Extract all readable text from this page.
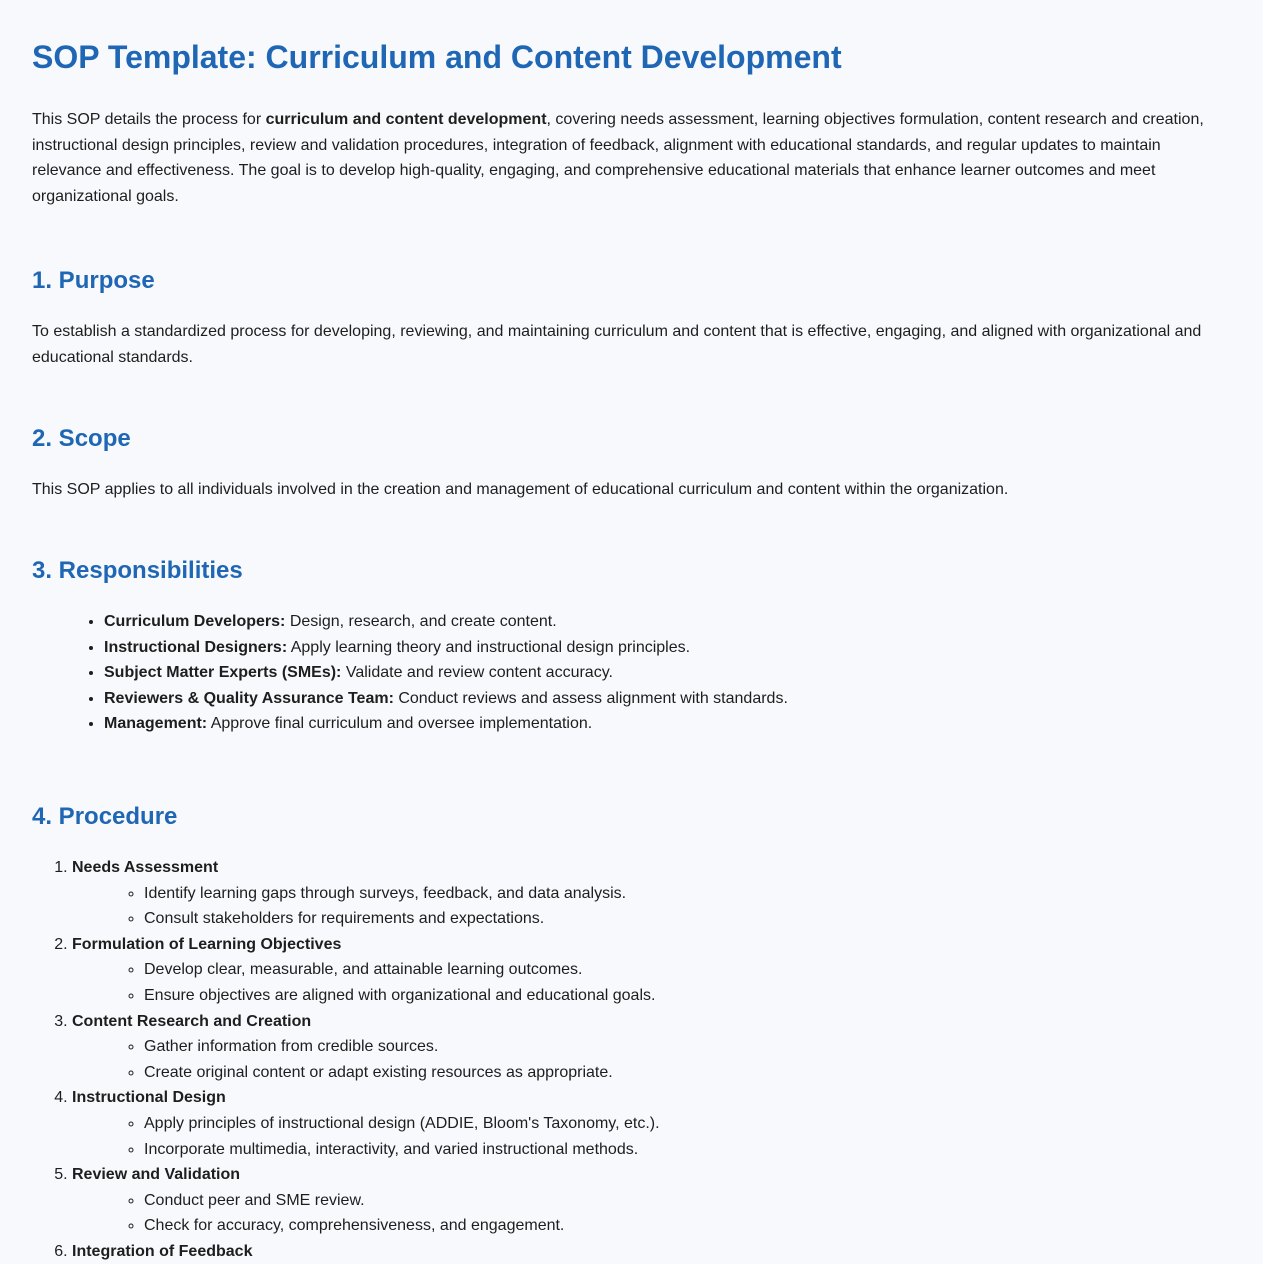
SOP Template: Curriculum and Content Development

This SOP details the process for curriculum and content development, covering needs assessment, learning objectives formulation, content research and creation, instructional design principles, review and validation procedures, integration of feedback, alignment with educational standards, and regular updates to maintain relevance and effectiveness. The goal is to develop high-quality, engaging, and comprehensive educational materials that enhance learner outcomes and meet organizational goals.

1. Purpose

To establish a standardized process for developing, reviewing, and maintaining curriculum and content that is effective, engaging, and aligned with organizational and educational standards.

2. Scope

This SOP applies to all individuals involved in the creation and management of educational curriculum and content within the organization.

3. Responsibilities
• Curriculum Developers: Design, research, and create content.
• Instructional Designers: Apply learning theory and instructional design principles.
• Subject Matter Experts (SMEs): Validate and review content accuracy.
• Reviewers & Quality Assurance Team: Conduct reviews and assess alignment with standards.
• Management: Approve final curriculum and oversee implementation.
4. Procedure
1. Needs Assessment
◦ Identify learning gaps through surveys, feedback, and data analysis.
◦ Consult stakeholders for requirements and expectations.
2. Formulation of Learning Objectives
◦ Develop clear, measurable, and attainable learning outcomes.
◦ Ensure objectives are aligned with organizational and educational goals.
3. Content Research and Creation
◦ Gather information from credible sources.
◦ Create original content or adapt existing resources as appropriate.
4. Instructional Design
◦ Apply principles of instructional design (ADDIE, Bloom's Taxonomy, etc.).
◦ Incorporate multimedia, interactivity, and varied instructional methods.
5. Review and Validation
◦ Conduct peer and SME review.
◦ Check for accuracy, comprehensiveness, and engagement.
6. Integration of Feedback
